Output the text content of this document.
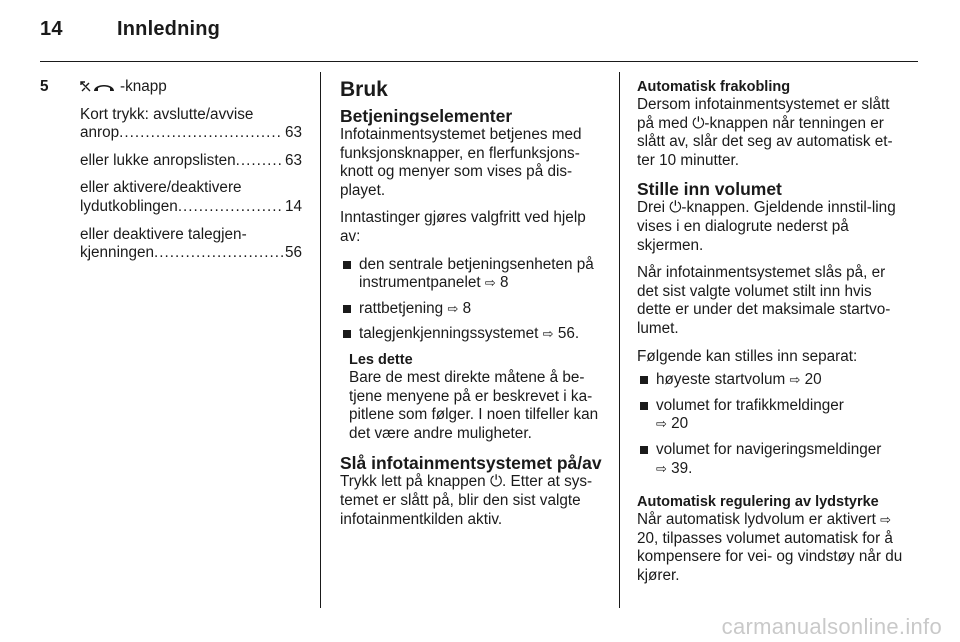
14	Innledning
5	-knapp
Kort trykk: avslutte/avvise
anrop .....	63
eller lukke anropslisten .....	63
eller aktivere/deaktivere
lydutkoblingen .....	14
eller deaktivere talegjen-
kjenningen .....	56
Bruk
Betjeningselementer

Infotainmentsystemet betjenes med funksjonsknapper, en flerfunksjons-knott og menyer som vises på dis-playet.

Inntastinger gjøres valgfritt ved hjelp av:

den sentrale betjeningsenheten på instrumentpanelet ⇨ 8
rattbetjening ⇨ 8
talegjenkjenningssystemet ⇨ 56.
Les dette
Bare de mest direkte måtene å be-tjene menyene på er beskrevet i ka-pitlene som følger. I noen tilfeller kan det være andre muligheter.
Slå infotainmentsystemet på/av

Trykk lett på knappen ⏻. Etter at sys-temet er slått på, blir den sist valgte infotainmentkilden aktiv.

Automatisk frakobling

Dersom infotainmentsystemet er slått på med ⏻-knappen når tenningen er slått av, slår det seg av automatisk et-ter 10 minutter.

Stille inn volumet

Drei ⏻-knappen. Gjeldende innstil-ling vises i en dialogrute nederst på skjermen.

Når infotainmentsystemet slås på, er det sist valgte volumet stilt inn hvis dette er under det maksimale startvo-lumet.

Følgende kan stilles inn separat:

høyeste startvolum ⇨ 20
volumet for trafikkmeldinger
⇨ 20
volumet for navigeringsmeldinger
⇨ 39.
Automatisk regulering av lydstyrke

Når automatisk lydvolum er aktivert ⇨ 20, tilpasses volumet automatisk for å kompensere for vei- og vindstøy når du kjører.

carmanualsonline.info
